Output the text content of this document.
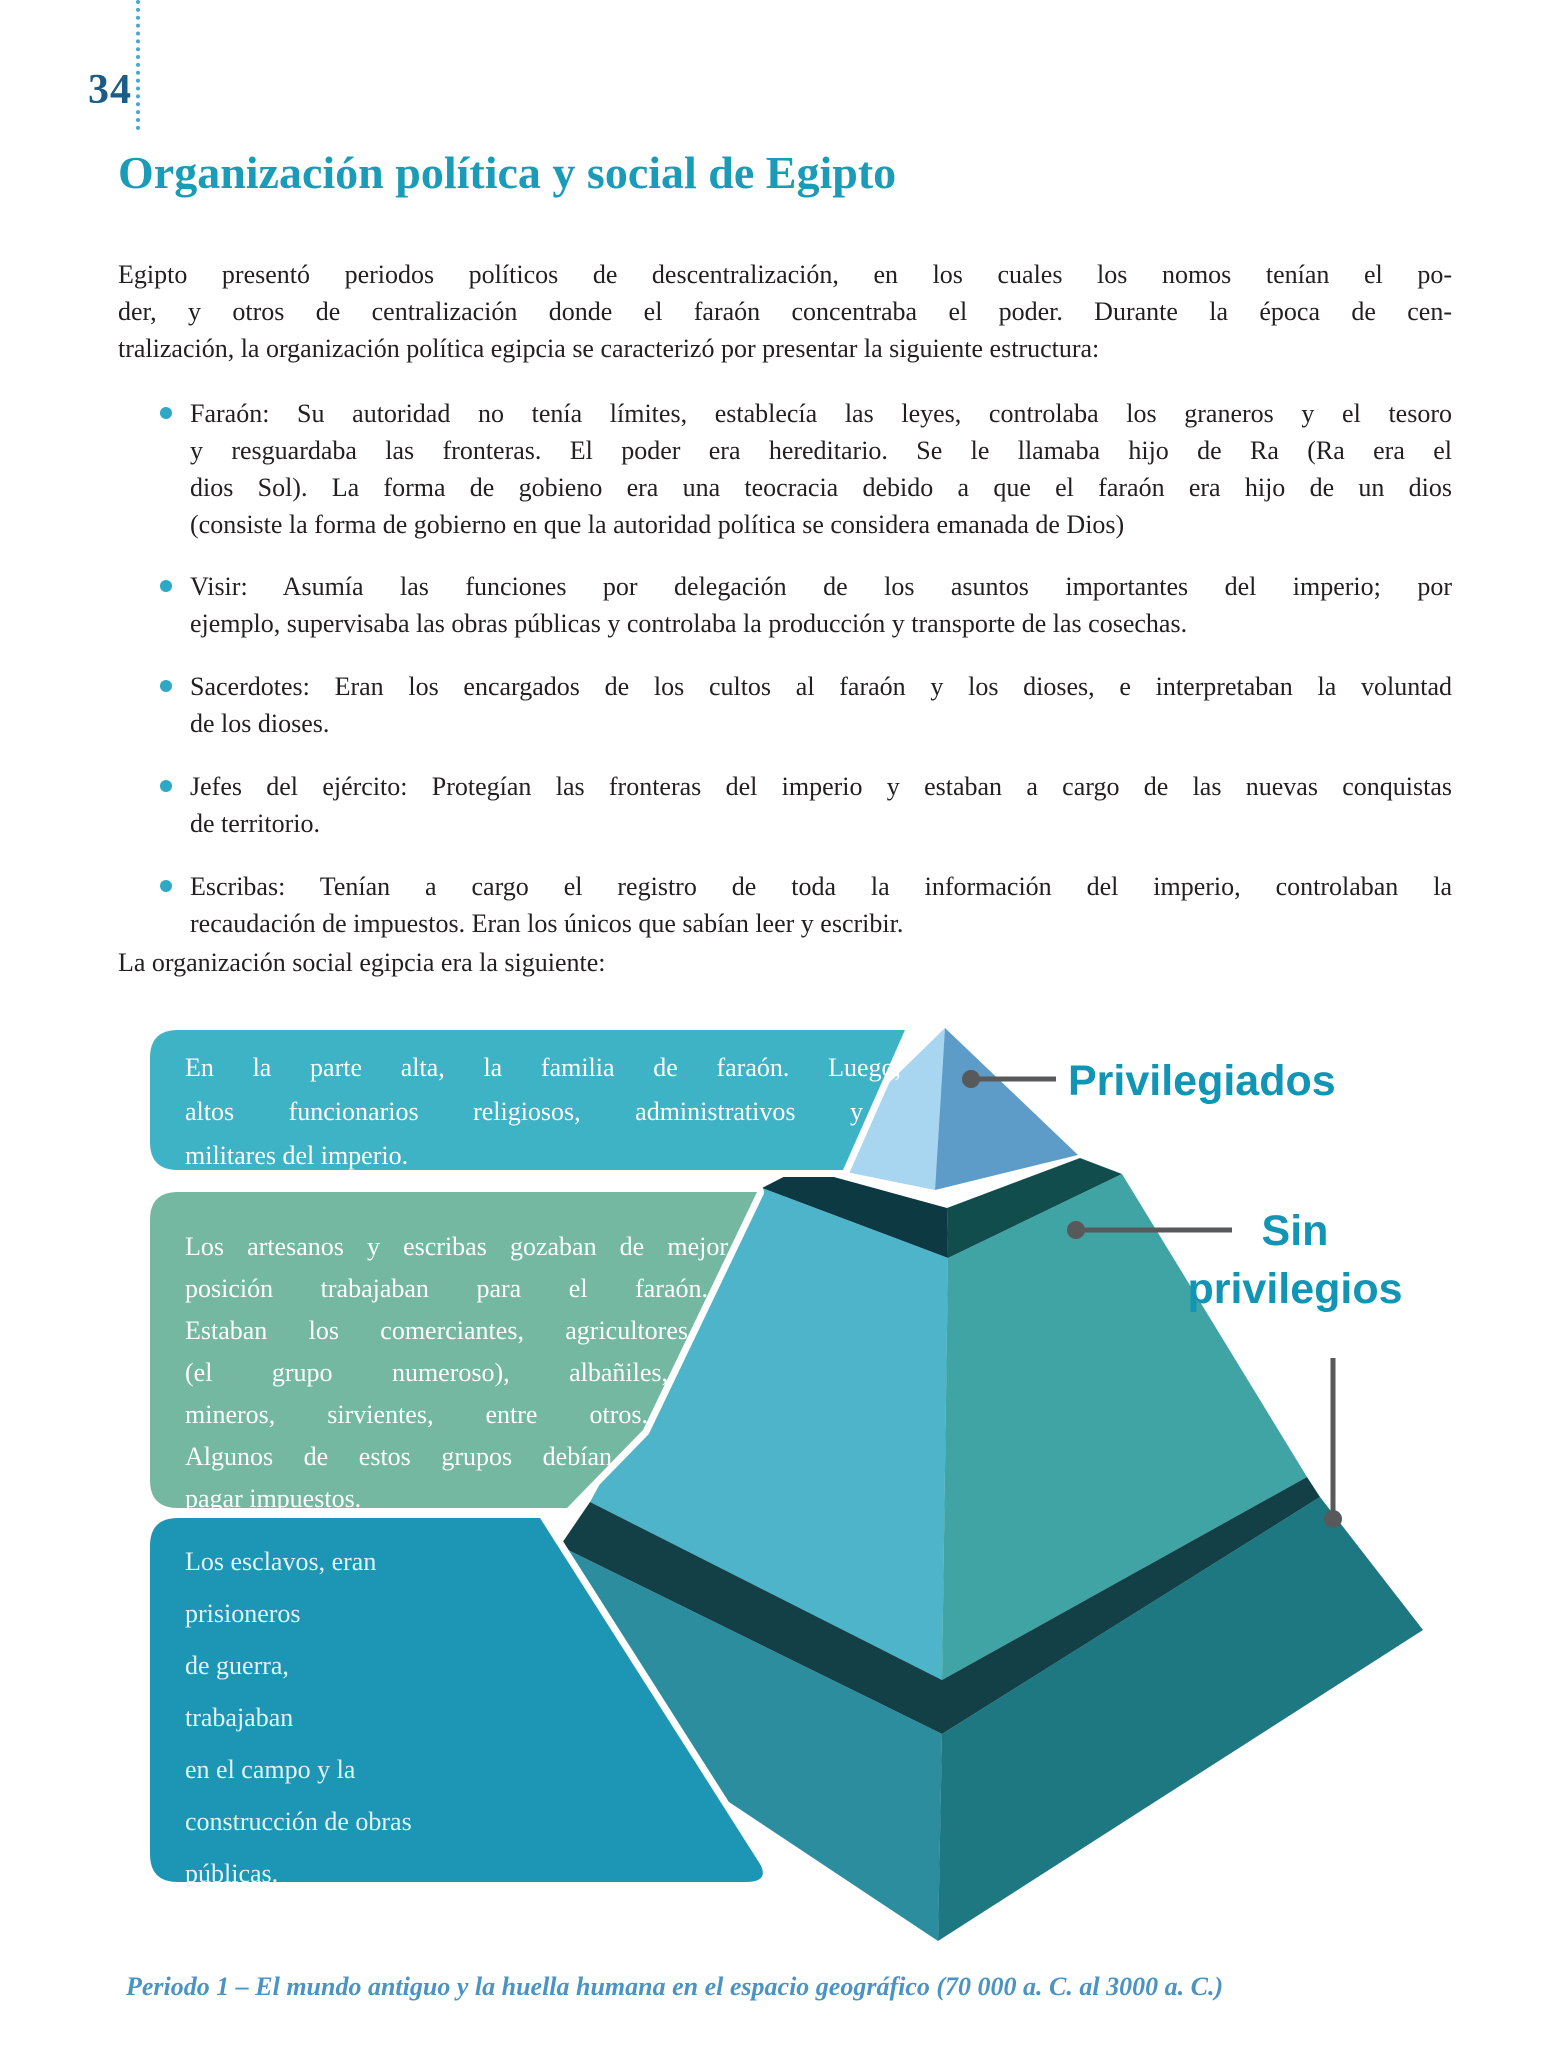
34
Organización política y social de Egipto
Egipto presentó periodos políticos de descentralización, en los cuales los nomos tenían el po-
der, y otros de centralización donde el faraón concentraba el poder. Durante la época de cen-
tralización, la organización política egipcia se caracterizó por presentar la siguiente estructura:
Faraón: Su autoridad no tenía límites, establecía las leyes, controlaba los graneros y el tesoro
y resguardaba las fronteras. El poder era hereditario. Se le llamaba hijo de Ra (Ra era el
dios Sol). La forma de gobieno era una teocracia debido a que el faraón era hijo de un dios
(consiste la forma de gobierno en que la autoridad política se considera emanada de Dios)
Visir: Asumía las funciones por delegación de los asuntos importantes del imperio; por
ejemplo, supervisaba las obras públicas y controlaba la producción y transporte de las cosechas.
Sacerdotes: Eran los encargados de los cultos al faraón y los dioses, e interpretaban la voluntad
de los dioses.
Jefes del ejército: Protegían las fronteras del imperio y estaban a cargo de las nuevas conquistas
de territorio.
Escribas: Tenían a cargo el registro de toda la información del imperio, controlaban la
recaudación de impuestos. Eran los únicos que sabían leer y escribir.
La organización social egipcia era la siguiente:
En la parte alta, la familia de faraón. Luego,
altos funcionarios religiosos, administrativos y
militares del imperio.
Los artesanos y escribas gozaban de mejor
posición trabajaban para el faraón.
Estaban los comerciantes, agricultores
(el grupo numeroso), albañiles,
mineros, sirvientes, entre otros.
Algunos de estos grupos debían
pagar impuestos.
Los esclavos, eran
prisioneros
de guerra,
trabajaban
en el campo y la
construcción de obras
públicas.
Privilegiados
Sin
privilegios
Periodo 1 – El mundo antiguo y la huella humana en el espacio geográfico (70 000 a. C. al 3000 a. C.)
